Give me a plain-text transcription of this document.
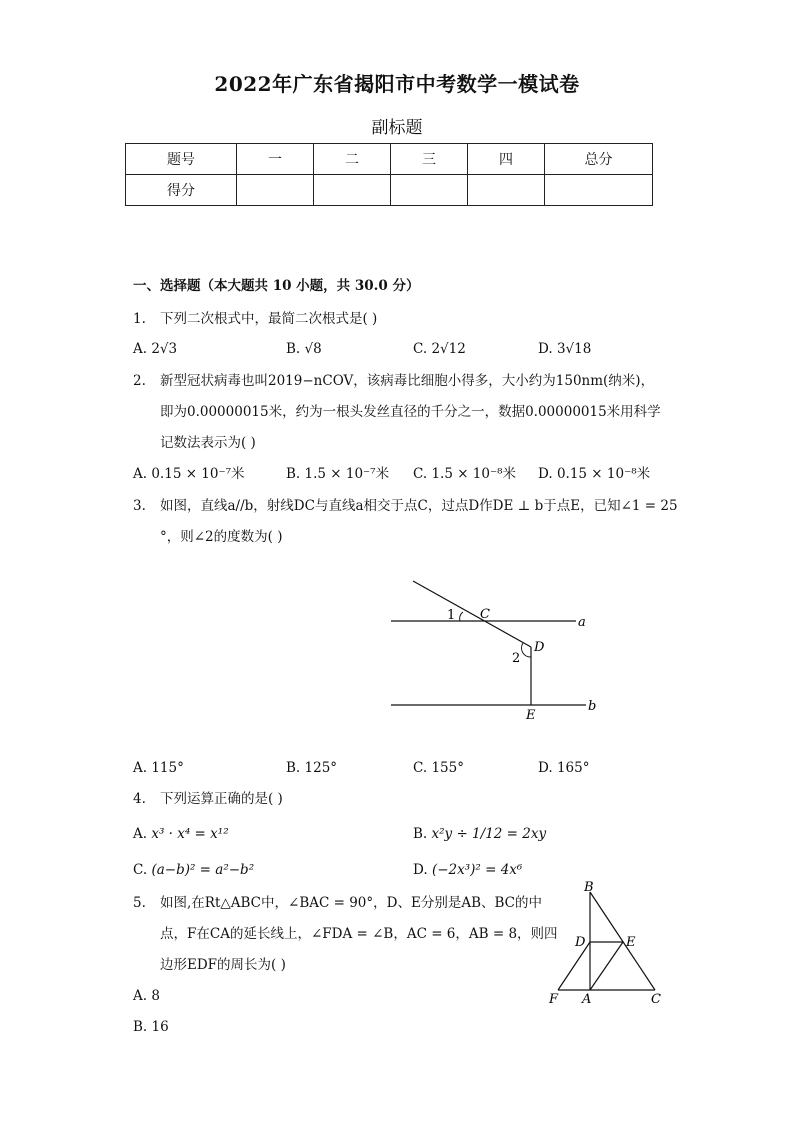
2022年广东省揭阳市中考数学一模试卷
副标题
题号	一	二	三	四	总分
得分					
一、选择题（本大题共 10 小题，共 30.0 分）
1. 下列二次根式中，最简二次根式是( )
A. 2√3	B. √8	C. 2√12	D. 3√18
2. 新型冠状病毒也叫2019−nCOV，该病毒比细胞小得多，大小约为150nm(纳米)，
即为0.00000015米，约为一根头发丝直径的千分之一，数据0.00000015米用科学
记数法表示为( )
A. 0.15 × 10⁻⁷米	B. 1.5 × 10⁻⁷米 C. 1.5 × 10⁻⁸米 D. 0.15 × 10⁻⁸米
3. 如图，直线a//b，射线DC与直线a相交于点C，过点D作DE ⊥ b于点E，已知∠1 = 25
°，则∠2的度数为( )
1 C
a
D
2
E
b
A. 115°	B. 125°	C. 155°	D. 165°
4. 下列运算正确的是( )
A. x³ · x⁴ = x¹²	B. x²y ÷ 1/12 = 2xy
C. (a−b)² = a²−b²	D. (−2x³)² = 4x⁶
5. 如图,在Rt△ABC中，∠BAC = 90°，D、E分别是AB、BC的中
点，F在CA的延长线上，∠FDA = ∠B，AC = 6，AB = 8，则四
边形EDF的周长为( )
B
D	E
F A	C
A. 8
B. 16
